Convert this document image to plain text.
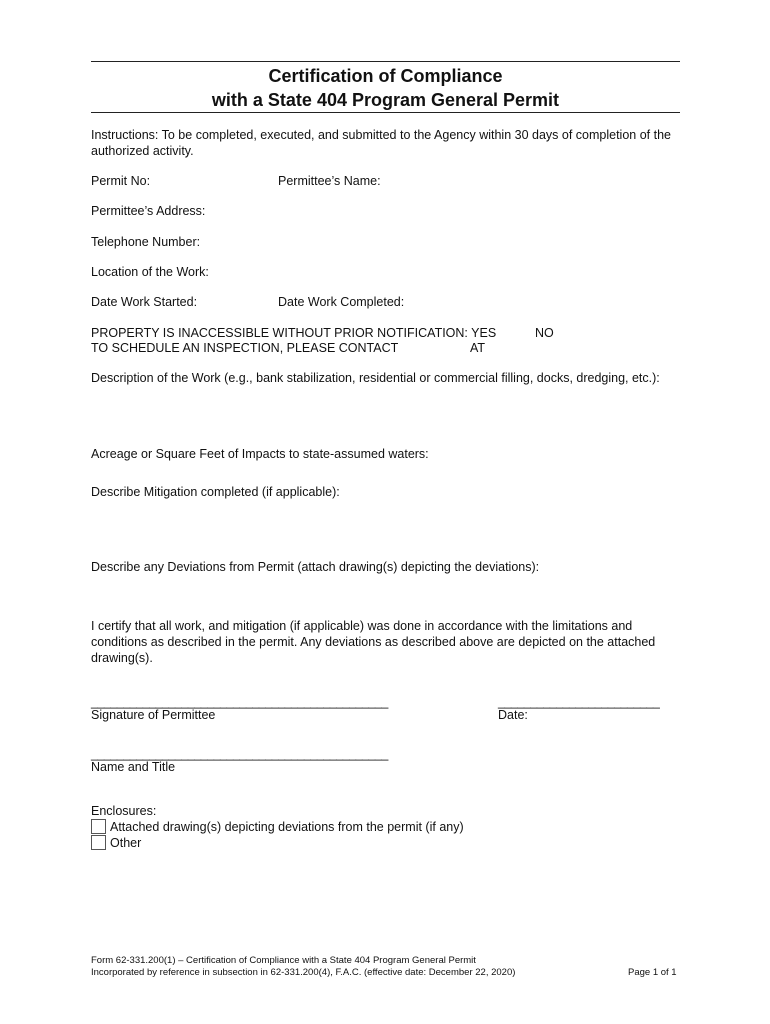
Certification of Compliance
with a State 404 Program General Permit
Instructions: To be completed, executed, and submitted to the Agency within 30 days of completion of the authorized activity.
Permit No:	Permittee’s Name:
Permittee’s Address:
Telephone Number:
Location of the Work:
Date Work Started:	Date Work Completed:
PROPERTY IS INACCESSIBLE WITHOUT PRIOR NOTIFICATION: YES	NO
TO SCHEDULE AN INSPECTION, PLEASE CONTACT	AT
Description of the Work (e.g., bank stabilization, residential or commercial filling, docks, dredging, etc.):
Acreage or Square Feet of Impacts to state-assumed waters:
Describe Mitigation completed (if applicable):
Describe any Deviations from Permit (attach drawing(s) depicting the deviations):
I certify that all work, and mitigation (if applicable) was done in accordance with the limitations and conditions as described in the permit. Any deviations as described above are depicted on the attached drawing(s).
______________________________________________
Signature of Permittee
_________________________
Date:
______________________________________________
Name and Title
Enclosures:
Attached drawing(s) depicting deviations from the permit (if any)
Other
Form 62-331.200(1) – Certification of Compliance with a State 404 Program General Permit
Incorporated by reference in subsection in 62-331.200(4), F.A.C. (effective date: December 22, 2020)	Page 1 of 1
